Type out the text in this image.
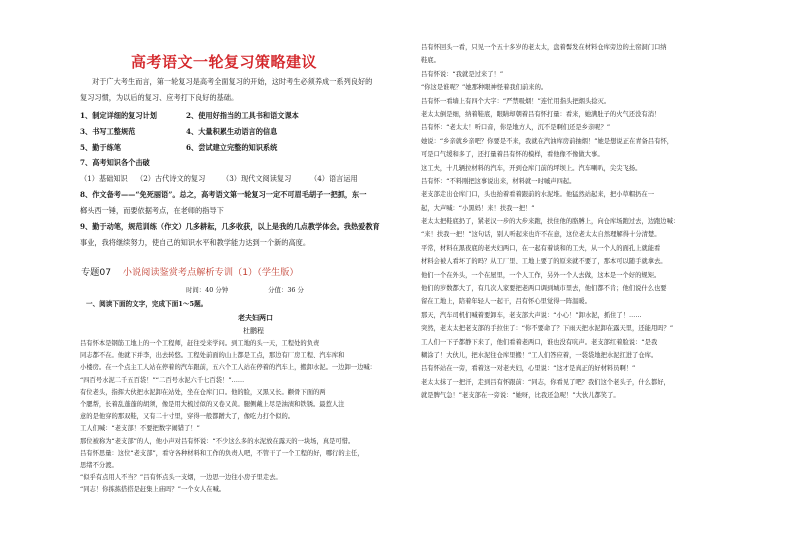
高考语文一轮复习策略建议
对于广大考生而言，第一轮复习是高考全面复习的开始，这时考生必须养成一系列良好的
复习习惯，为以后的复习、应考打下良好的基础。
1、制定详细的复习计划	2、使用好指当的工具书和语文课本
3、书写工整规范	4、大量积累生动语言的信息
5、勤于练笔	6、尝试建立完整的知识系统
7、高考知识各个击破
（1）基础知识 （2）古代诗文的复习 （3）现代文阅读复习	（4）语言运用
8、作文备考——“免死丽语”。总之，高考语文第一轮复习一定不可眉毛胡子一把抓，东一
榔头西一锤，而要依据考点，在老师的指导下
9、勤于动笔，规范训练（作文）几多耕耘，几多收获，以上是我的几点教学体会。我热爱教育
事业，我将继续努力，使自己的知识水平和教学能力达到一个新的高度。
专题07 小说阅读鉴赏考点解析专训（1）（学生版）
时间：40 分钟	分值：36 分
一、阅读下面的文字，完成下面1～5题。
老夫妇两口
杜鹏程
吕有怀本是钢筋工地上的一个工程师，赶往受来学问。到工地的头一天，工程处的负责
同志都不在。他就下并李，出去转悠。工程处前面的山上都是工点，那边有厂房工程、汽车库和
小楼房。在一个点主工人站在停着的汽车跟前，五六个工人站在停着的汽车上，搬卸水泥。一边卸一边喊：
“四百号水泥二千五百袋！”“二百号水泥六千七百袋！”……
有位老头，指挥大伙把水泥卸在站处，坐在仓库门口。他的脸，又黑又长。颧骨下面的两
个腮帮，长着乱蓬蓬的胡须，像是用大梳过似的又卷又黄。腿侧戴上尽是油渍和铁锈。最惹人注
意的是他穿的那双鞋，又有二十寸里，穿得一般都蹭大了，像吃力打个似的。
工人们喊：“老支部！不要把数字闹错了！”
那位被称为“老支部”的人，他小声对吕有怀说：“不少这么多的水泥放在露天的一块场，真是可惜。
吕有怀思量：这位“老支部”，看守各种材料和工作的负责人吧，不管干了一个工程的好，哪行的主任，
思绪不分渡。
“似乎有点用人不当？”吕有怀点头一支烟，一边思一边往小房子里走去。
“同志！你拣拣搭搭是赶集上庙吗？”一个女人在喊。
吕有怀回头一看，只见一个五十多岁的老太太，盘着髻发在材料仓库旁边的土窑洞门口纳
鞋底。
吕有怀说：“我就是过来了！”
“你这是谁呢？”她那种眼神怪着我们前来的。
吕有怀一看墙上有四个大字：“严禁吸烟！”连忙用指头把烟头捻灭。
老太太倒是细，纳着鞋底，眼睛却朝着吕有怀打量：看来，她满肚子的火气还没有消！
吕有怀：“老太太！听口音，你是地方人，沉不是啊们还是乡亲呢？”
她说：“乡亲就乡亲吧？你要是不来，我就在汽油库房前抽烟！”她是想说正在青备吕有怀，
可是口气缓和多了，还打量着吕有怀的模样，看他像不像做大事。
这工夫，十几辆拉材料的汽车，开到仓库门前的坪坝上。汽车喇叭，尖尖飞扬。
吕有怀：“不料刚把这事说出来，材料就一时嘁声四起。
老支部走出仓库门口，头也抬着看着跟前的水泥堆。他猛然站起来，把小草帽扔在一
起，大声喊：“小黑妈！来！扶我一把！”
老太太把鞋底扔了，紧老汉一步的大步来跑，扶住他的胳膊上，向仓库场跑过去，边跑边喊：
“来！扶我一把！”这句话，别人听起来也许不在意，这位老太太自然理解得十分清楚。
平常，材料在黑夜底的老夫妇两口，在一起有着谈和的工夫，从一个人的面孔上就能看
材料会被人看坏了的吗？从工厂里、工地上要了的原来就不要了，那本可以随手就拿去。
他们一个在外头，一个在屋里，一个人工作，另外一个人去做，这本是一个好的规矩。
他们的岁数都大了，有几次人家要把老两口调到城市里去，他们都不肯；他们说什么也要
留在工地上，陪着年轻人一起干，吕有怀心里觉得一阵温暖。
那天，汽车司机们喊着要卸车，老支部大声说：“小心！”卸水泥，抓住了！……
突然，老太太把老支部的手拉住了：“你不要命了？下雨天把水泥卸在露天里，还能用吗？”
工人们一下子都静下来了，他们看着老两口，谁也没有吭声。老支部红着脸说：“是我
糊涂了！大伙儿，把水泥往仓库里搬！”工人们答应着，一袋袋地把水泥扛进了仓库。
吕有怀站在一旁，看着这一对老夫妇，心里说：“这才是真正的好材料员啊！”
老太太抹了一把汗，走到吕有怀跟前：“同志，你看见了吧？我们这个老头子，什么都好，
就是脾气急！”老支部在一旁说：“她呀，比我还急呢！”大伙儿都笑了。
